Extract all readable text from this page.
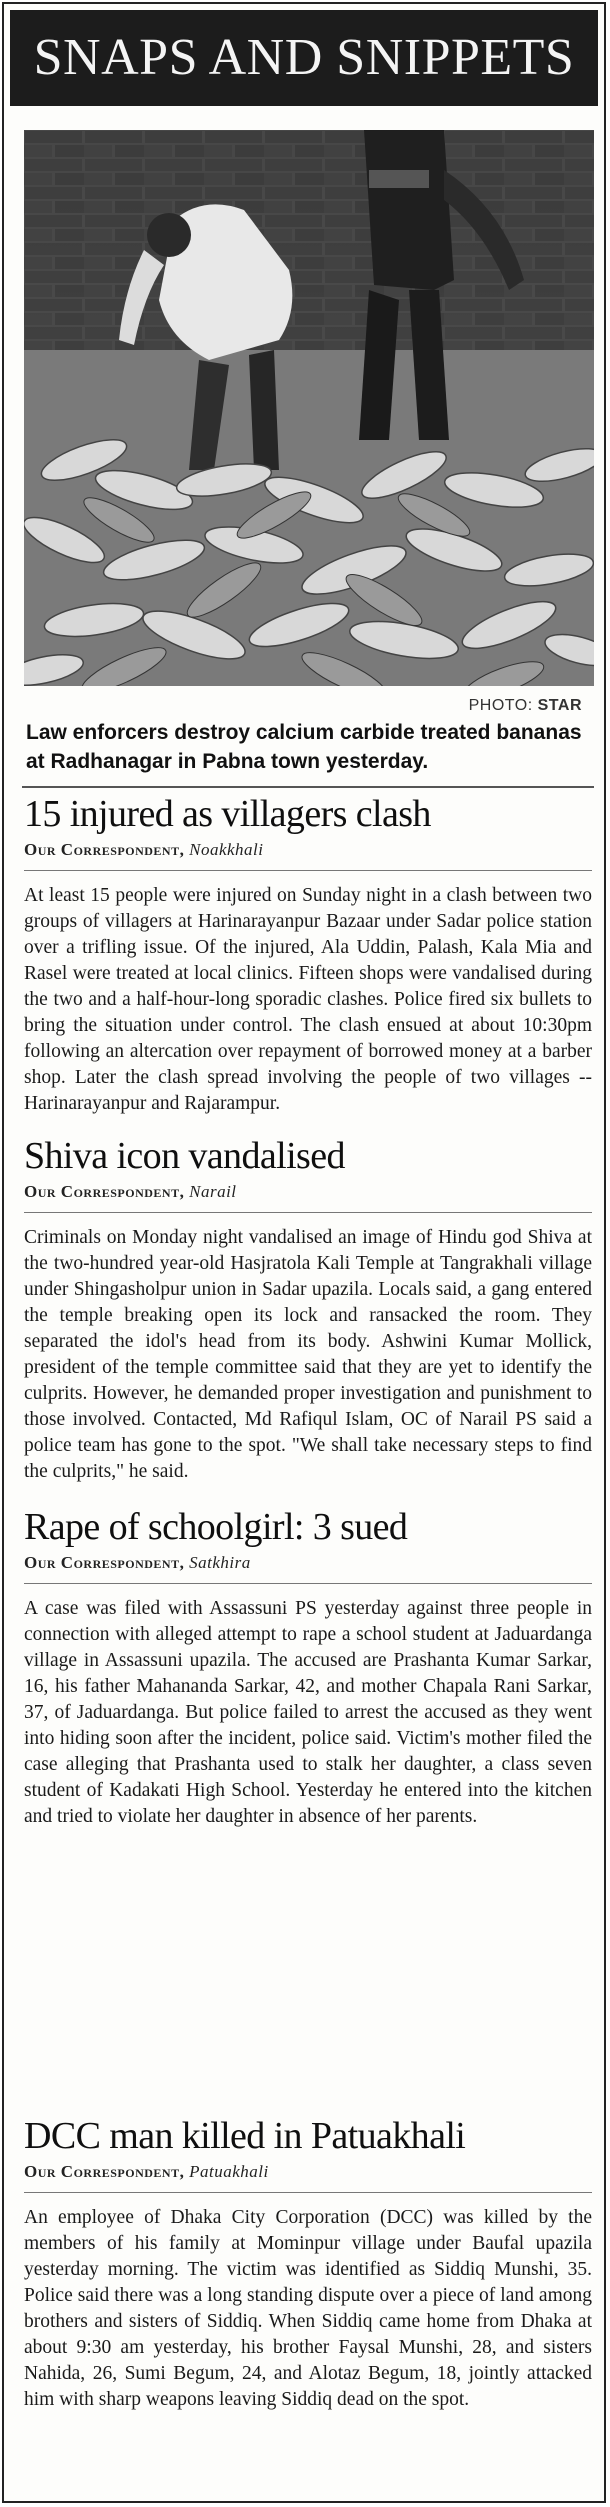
SNAPS AND SNIPPETS
PHOTO: STAR
Law enforcers destroy calcium carbide treated bananas at Radhanagar in Pabna town yesterday.
15 injured as villagers clash
Our Correspondent, Noakkhali
At least 15 people were injured on Sunday night in a clash between two groups of villagers at Harinarayanpur Bazaar under Sadar police station over a trifling issue. Of the injured, Ala Uddin, Palash, Kala Mia and Rasel were treated at local clinics. Fifteen shops were vandalised during the two and a half-hour-long sporadic clashes. Police fired six bullets to bring the situation under control. The clash ensued at about 10:30pm following an altercation over repayment of borrowed money at a barber shop. Later the clash spread involving the people of two villages -- Harinarayanpur and Rajarampur.
Shiva icon vandalised
Our Correspondent, Narail
Criminals on Monday night vandalised an image of Hindu god Shiva at the two-hundred year-old Hasjratola Kali Temple at Tangrakhali village under Shingasholpur union in Sadar upazila. Locals said, a gang entered the temple breaking open its lock and ransacked the room. They separated the idol's head from its body. Ashwini Kumar Mollick, president of the temple committee said that they are yet to identify the culprits. However, he demanded proper investigation and punishment to those involved. Contacted, Md Rafiqul Islam, OC of Narail PS said a police team has gone to the spot. "We shall take necessary steps to find the culprits," he said.
Rape of schoolgirl: 3 sued
Our Correspondent, Satkhira
A case was filed with Assassuni PS yesterday against three people in connection with alleged attempt to rape a school student at Jaduardanga village in Assassuni upazila. The accused are Prashanta Kumar Sarkar, 16, his father Mahananda Sarkar, 42, and mother Chapala Rani Sarkar, 37, of Jaduardanga. But police failed to arrest the accused as they went into hiding soon after the incident, police said. Victim's mother filed the case alleging that Prashanta used to stalk her daughter, a class seven student of Kadakati High School. Yesterday he entered into the kitchen and tried to violate her daughter in absence of her parents.
DCC man killed in Patuakhali
Our Correspondent, Patuakhali
An employee of Dhaka City Corporation (DCC) was killed by the members of his family at Mominpur village under Baufal upazila yesterday morning. The victim was identified as Siddiq Munshi, 35. Police said there was a long standing dispute over a piece of land among brothers and sisters of Siddiq. When Siddiq came home from Dhaka at about 9:30 am yesterday, his brother Faysal Munshi, 28, and sisters Nahida, 26, Sumi Begum, 24, and Alotaz Begum, 18, jointly attacked him with sharp weapons leaving Siddiq dead on the spot.
